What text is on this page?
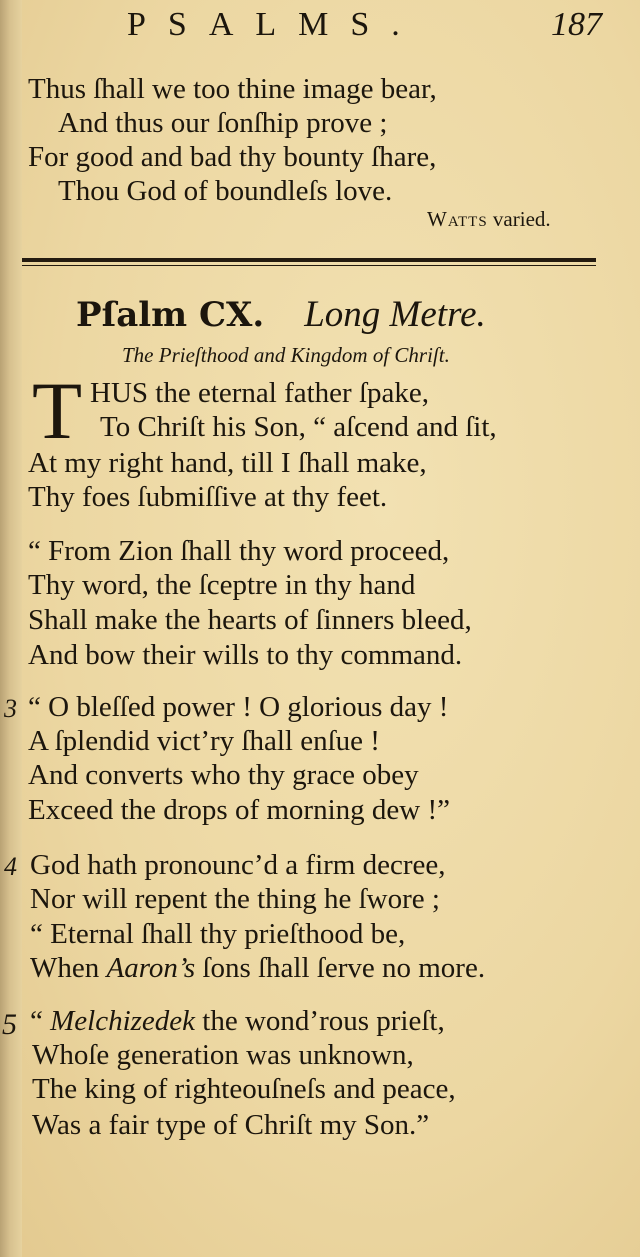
PSALMS.	187
Thus ſhall we too thine image bear,
And thus our ſonſhip prove ;
For good and bad thy bounty ſhare,
Thou God of boundleſs love.
Watts varied.
Pſalm CX. Long Metre.
The Prieſthood and Kingdom of Chriſt.
T HUS the eternal father ſpake,
To Chriſt his Son, “ aſcend and ſit,
At my right hand, till I ſhall make,
Thy foes ſubmiſſive at thy feet.
“ From Zion ſhall thy word proceed,
Thy word, the ſceptre in thy hand
Shall make the hearts of ſinners bleed,
And bow their wills to thy command.
3 “ O bleſſed power ! O glorious day !
A ſplendid vict’ry ſhall enſue !
And converts who thy grace obey
Exceed the drops of morning dew !”
4 God hath pronounc’d a firm decree,
Nor will repent the thing he ſwore ;
“ Eternal ſhall thy prieſthood be,
When Aaron’s ſons ſhall ſerve no more.
5 “ Melchizedek the wond’rous prieſt,
Whoſe generation was unknown,
The king of righteouſneſs and peace,
Was a fair type of Chriſt my Son.”
